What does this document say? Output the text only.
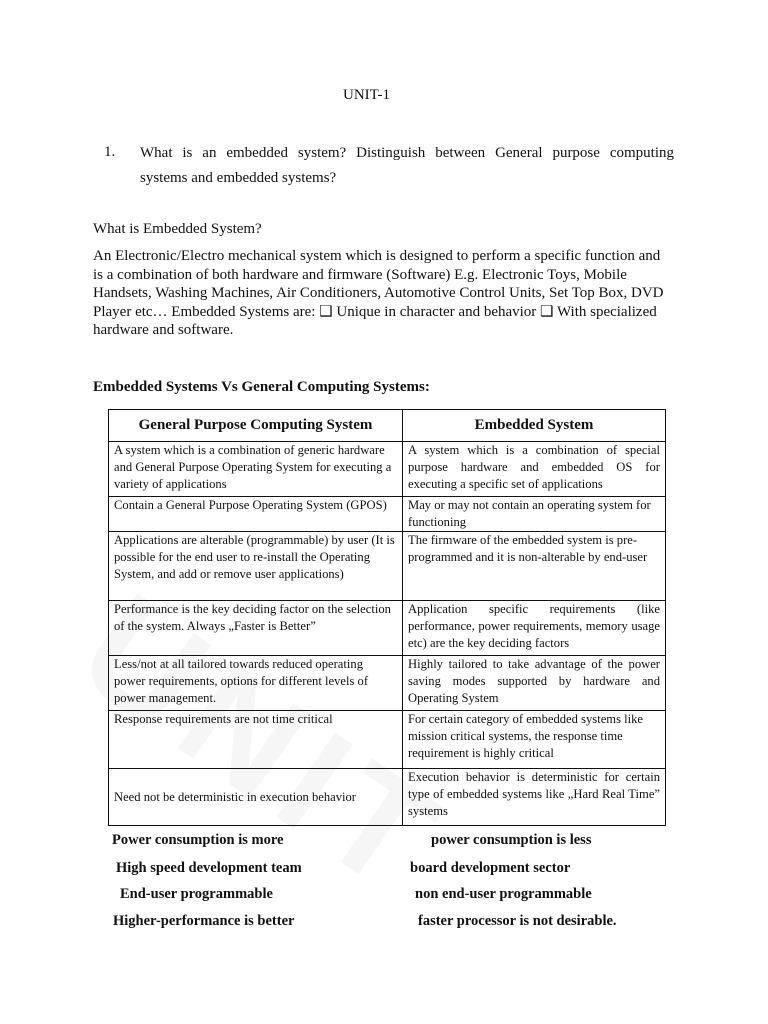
UNIT-1
1. What is an embedded system? Distinguish between General purpose computing
systems and embedded systems?
What is Embedded System?
An Electronic/Electro mechanical system which is designed to perform a specific function and is a combination of both hardware and firmware (Software) E.g. Electronic Toys, Mobile Handsets, Washing Machines, Air Conditioners, Automotive Control Units, Set Top Box, DVD Player etc… Embedded Systems are: ❑ Unique in character and behavior ❑ With specialized hardware and software.
Embedded Systems Vs General Computing Systems:
General Purpose Computing System	Embedded System
A system which is a combination of generic hardware and General Purpose Operating System for executing a variety of applications	A system which is a combination of special purpose hardware and embedded OS for executing a specific set of applications
Contain a General Purpose Operating System (GPOS)	May or may not contain an operating system for functioning
Applications are alterable (programmable) by user (It is possible for the end user to re-install the Operating System, and add or remove user applications)	The firmware of the embedded system is pre-programmed and it is non-alterable by end-user
Performance is the key deciding factor on the selection of the system. Always „Faster is Better”	Application specific requirements (like performance, power requirements, memory usage etc) are the key deciding factors
Less/not at all tailored towards reduced operating power requirements, options for different levels of power management.	Highly tailored to take advantage of the power saving modes supported by hardware and Operating System
Response requirements are not time critical	For certain category of embedded systems like mission critical systems, the response time requirement is highly critical
Need not be deterministic in execution behavior	Execution behavior is deterministic for certain type of embedded systems like „Hard Real Time” systems
Power consumption is more	power consumption is less
High speed development team	board development sector
End-user programmable	non end-user programmable
Higher-performance is better	faster processor is not desirable.
